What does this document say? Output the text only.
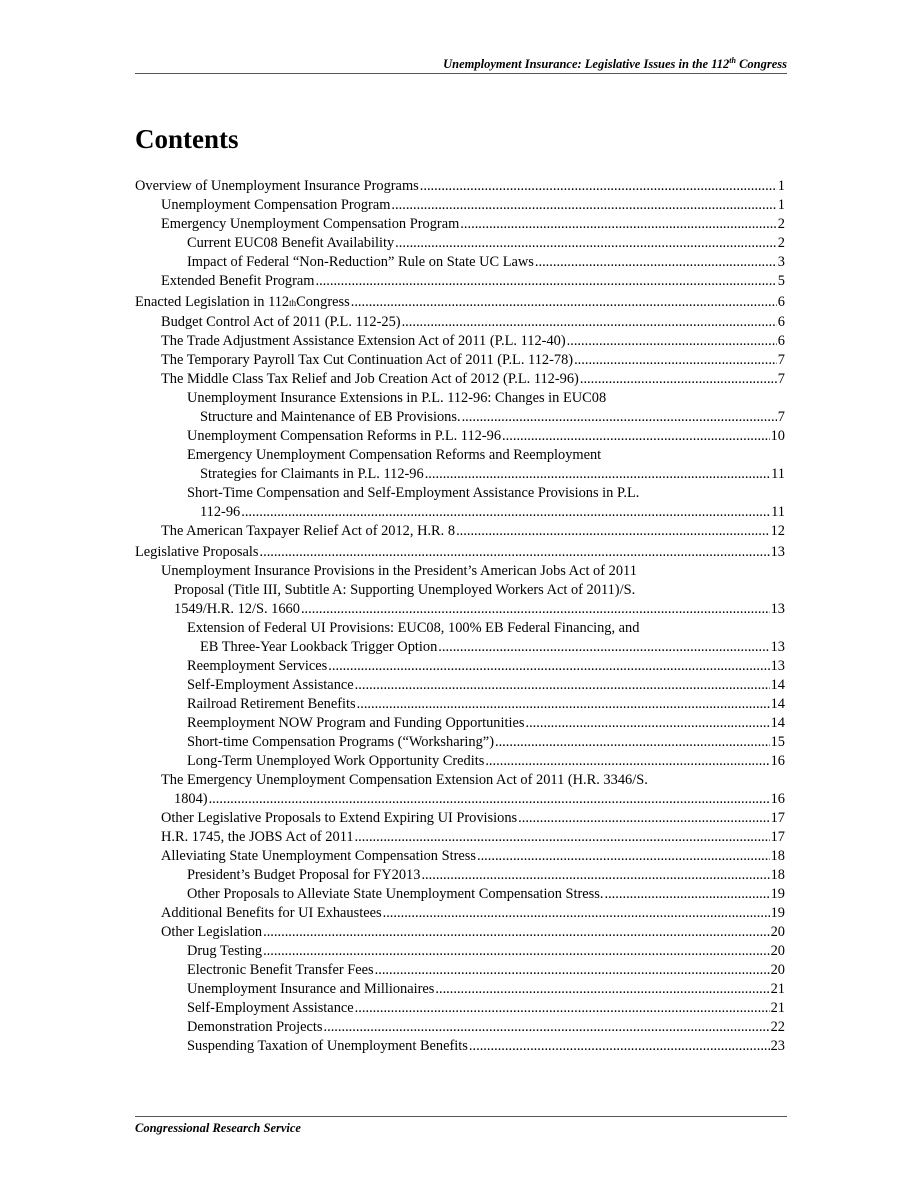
Unemployment Insurance: Legislative Issues in the 112th Congress
Contents
Overview of Unemployment Insurance Programs .....	1
Unemployment Compensation Program .....	1
Emergency Unemployment Compensation Program .....	2
Current EUC08 Benefit Availability .....	2
Impact of Federal “Non-Reduction” Rule on State UC Laws .....	3
Extended Benefit Program .....	5
Enacted Legislation in 112 th Congress .....	6
Budget Control Act of 2011 (P.L. 112-25) .....	6
The Trade Adjustment Assistance Extension Act of 2011 (P.L. 112-40) .....	6
The Temporary Payroll Tax Cut Continuation Act of 2011 (P.L. 112-78) .....	7
The Middle Class Tax Relief and Job Creation Act of 2012 (P.L. 112-96) .....	7
Unemployment Insurance Extensions in P.L. 112-96: Changes in EUC08
Structure and Maintenance of EB Provisions. .....	7
Unemployment Compensation Reforms in P.L. 112-96 .....	10
Emergency Unemployment Compensation Reforms and Reemployment
Strategies for Claimants in P.L. 112-96 .....	11
Short-Time Compensation and Self-Employment Assistance Provisions in P.L.
112-96 .....	11
The American Taxpayer Relief Act of 2012, H.R. 8 .....	12
Legislative Proposals .....	13
Unemployment Insurance Provisions in the President’s American Jobs Act of 2011
Proposal (Title III, Subtitle A: Supporting Unemployed Workers Act of 2011)/S.
1549/H.R. 12/S. 1660 .....	13
Extension of Federal UI Provisions: EUC08, 100% EB Federal Financing, and
EB Three-Year Lookback Trigger Option .....	13
Reemployment Services .....	13
Self-Employment Assistance .....	14
Railroad Retirement Benefits .....	14
Reemployment NOW Program and Funding Opportunities .....	14
Short-time Compensation Programs (“Worksharing”) .....	15
Long-Term Unemployed Work Opportunity Credits .....	16
The Emergency Unemployment Compensation Extension Act of 2011 (H.R. 3346/S.
1804) .....	16
Other Legislative Proposals to Extend Expiring UI Provisions .....	17
H.R. 1745, the JOBS Act of 2011 .....	17
Alleviating State Unemployment Compensation Stress .....	18
President’s Budget Proposal for FY2013 .....	18
Other Proposals to Alleviate State Unemployment Compensation Stress. .....	19
Additional Benefits for UI Exhaustees .....	19
Other Legislation .....	20
Drug Testing .....	20
Electronic Benefit Transfer Fees .....	20
Unemployment Insurance and Millionaires .....	21
Self-Employment Assistance .....	21
Demonstration Projects .....	22
Suspending Taxation of Unemployment Benefits .....	23
Congressional Research Service
